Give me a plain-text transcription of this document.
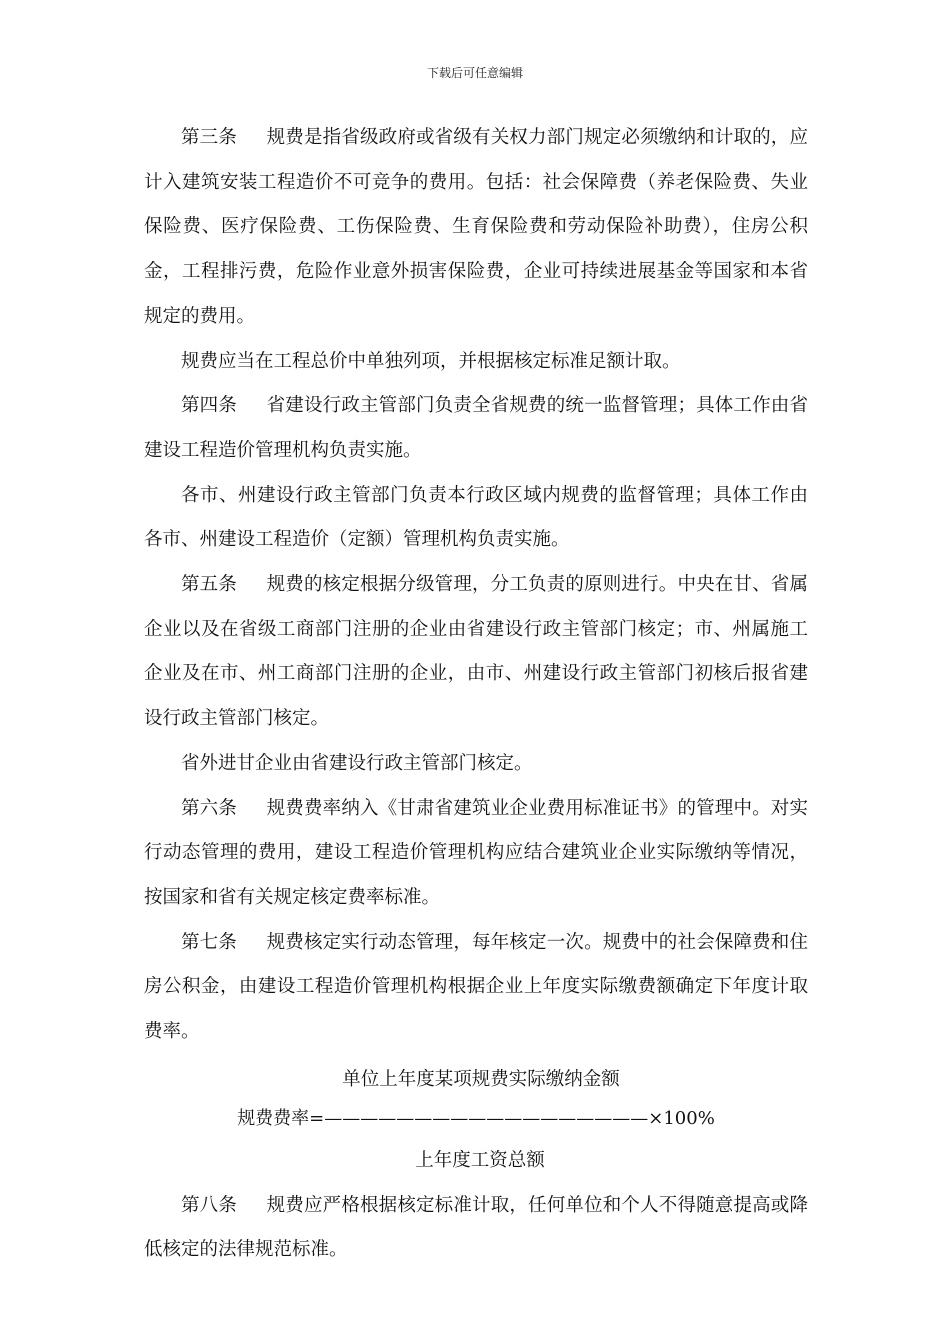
下载后可任意编辑

第三条 规费是指省级政府或省级有关权力部门规定必须缴纳和计取的，应计入建筑安装工程造价不可竞争的费用。包括：社会保障费（养老保险费、失业保险费、医疗保险费、工伤保险费、生育保险费和劳动保险补助费），住房公积金，工程排污费，危险作业意外损害保险费，企业可持续进展基金等国家和本省规定的费用。

规费应当在工程总价中单独列项，并根据核定标准足额计取。

第四条 省建设行政主管部门负责全省规费的统一监督管理；具体工作由省建设工程造价管理机构负责实施。

各市、州建设行政主管部门负责本行政区域内规费的监督管理；具体工作由各市、州建设工程造价（定额）管理机构负责实施。

第五条 规费的核定根据分级管理，分工负责的原则进行。中央在甘、省属企业以及在省级工商部门注册的企业由省建设行政主管部门核定；市、州属施工企业及在市、州工商部门注册的企业，由市、州建设行政主管部门初核后报省建设行政主管部门核定。

省外进甘企业由省建设行政主管部门核定。

第六条 规费费率纳入《甘肃省建筑业企业费用标准证书》的管理中。对实行动态管理的费用，建设工程造价管理机构应结合建筑业企业实际缴纳等情况，按国家和省有关规定核定费率标准。

第七条 规费核定实行动态管理，每年核定一次。规费中的社会保障费和住房公积金，由建设工程造价管理机构根据企业上年度实际缴费额确定下年度计取费率。

单位上年度某项规费实际缴纳金额

规费费率=——————————————————×100%

上年度工资总额

第八条 规费应严格根据核定标准计取，任何单位和个人不得随意提高或降低核定的法律规范标准。
